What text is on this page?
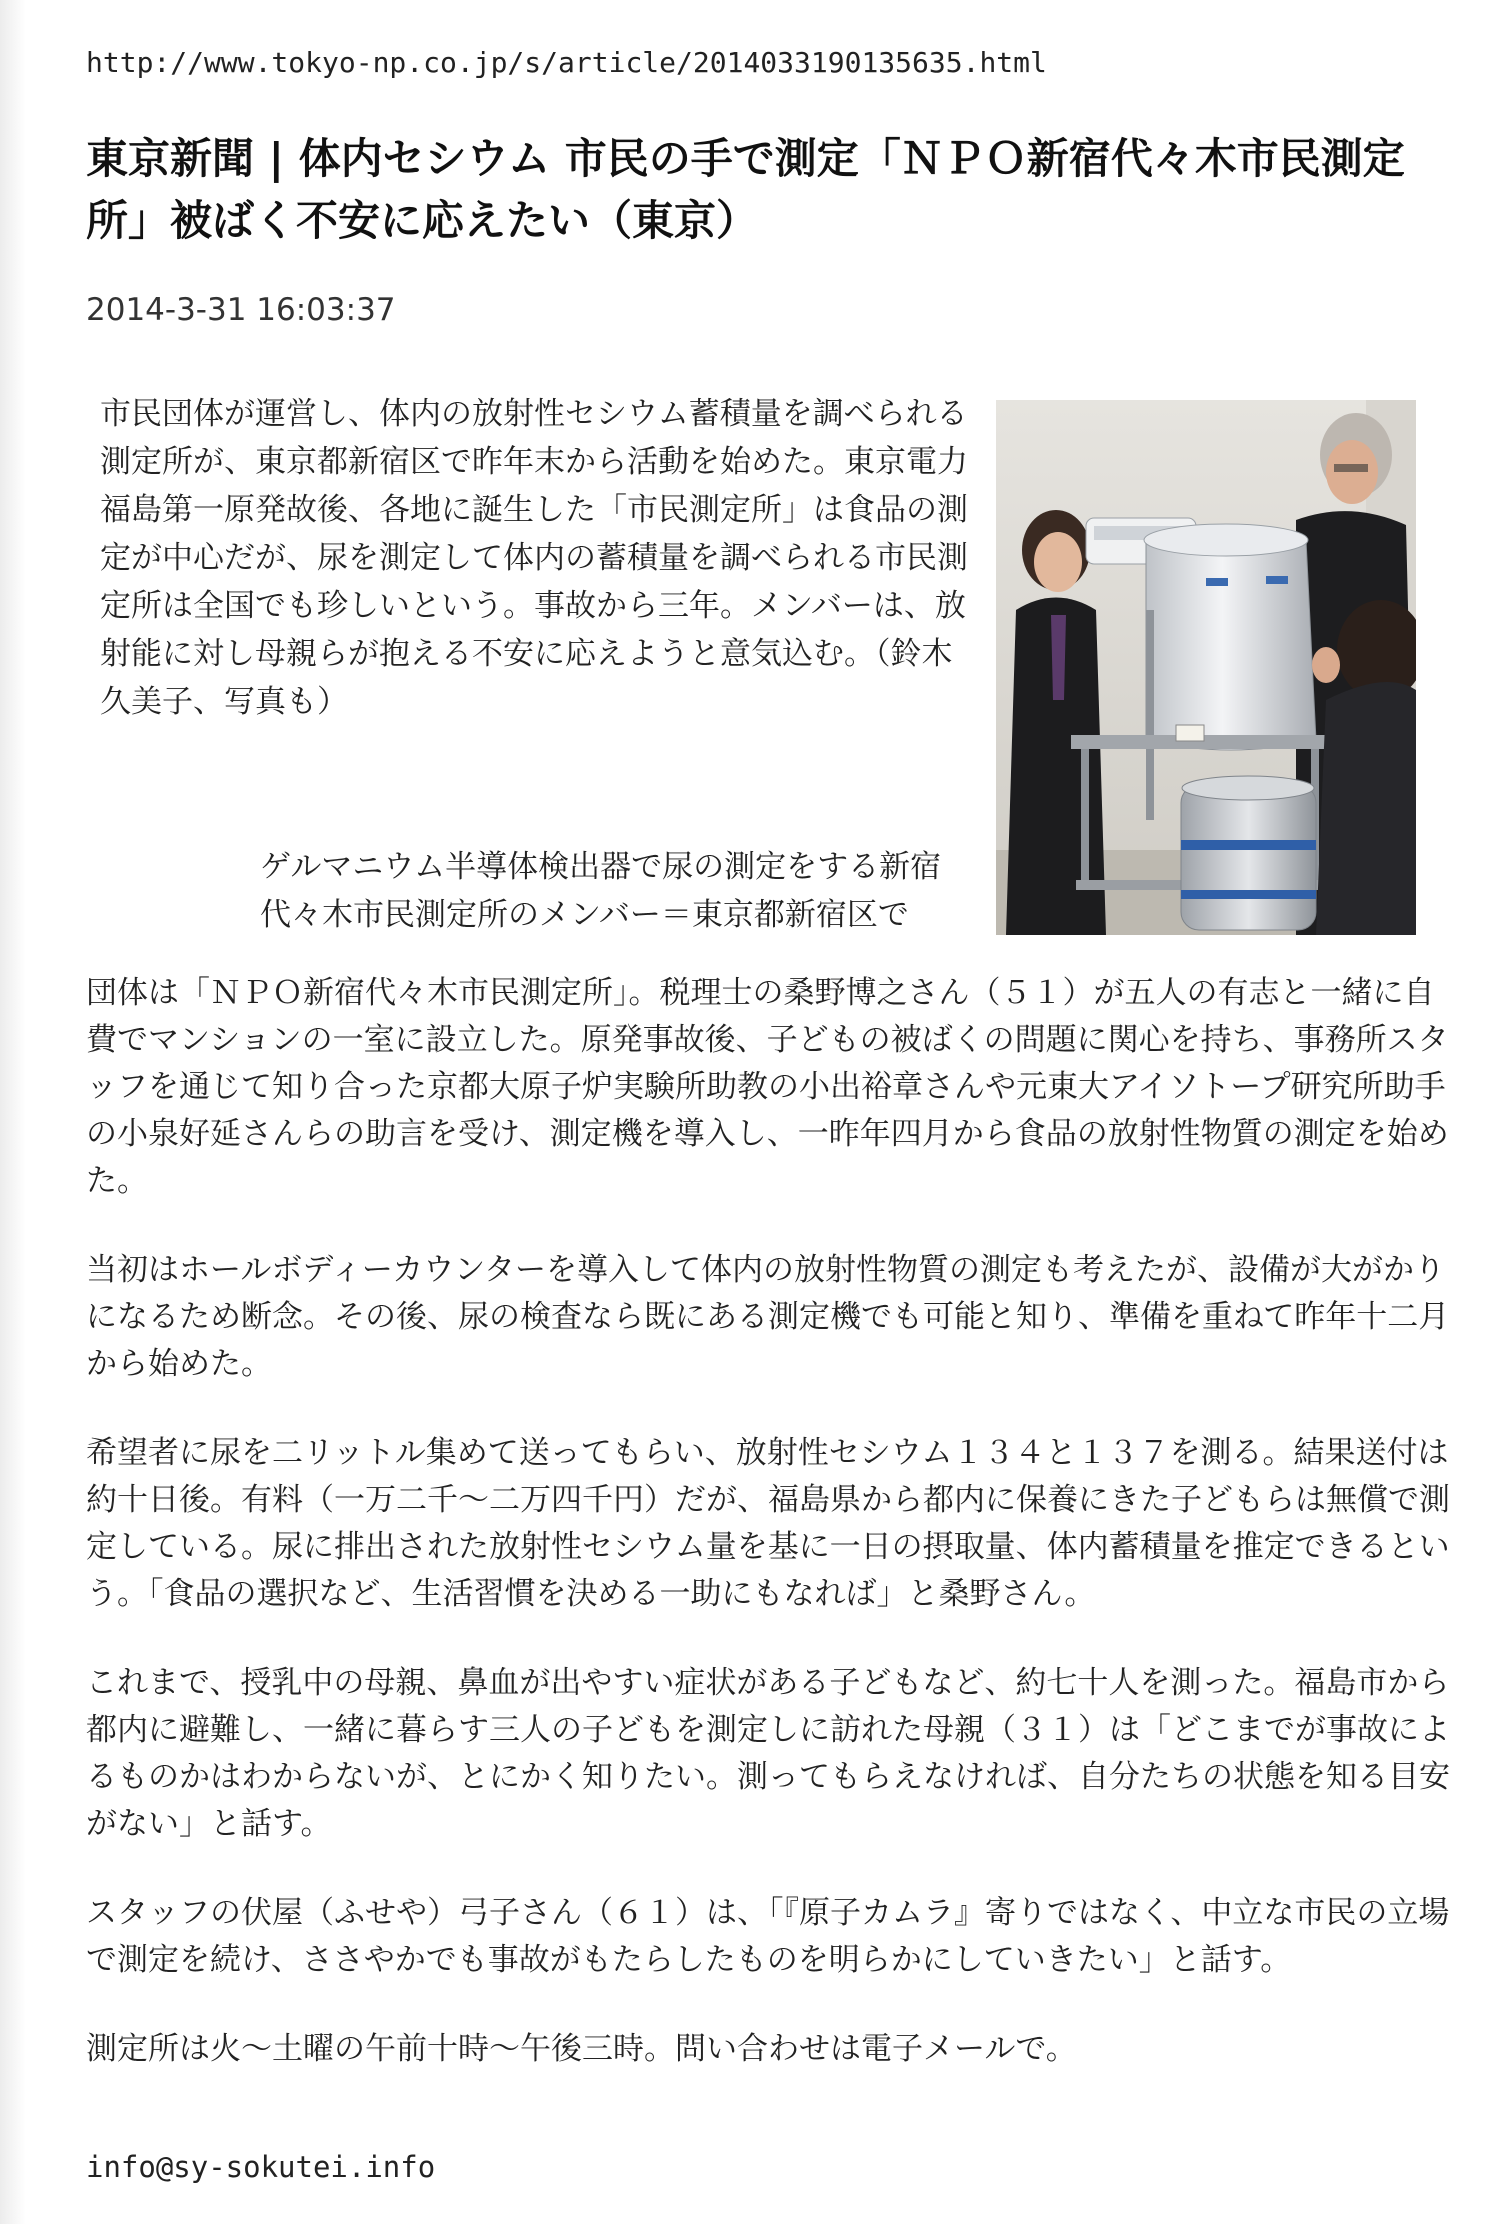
http://www.tokyo-np.co.jp/s/article/2014033190135635.html
東京新聞 | 体内セシウム 市民の手で測定「ＮＰＯ新宿代々木市民測定所」被ばく不安に応えたい（東京）
2014-3-31 16:03:37
市民団体が運営し、体内の放射性セシウム蓄積量を調べられる測定所が、東京都新宿区で昨年末から活動を始めた。東京電力福島第一原発故後、各地に誕生した「市民測定所」は食品の測定が中心だが、尿を測定して体内の蓄積量を調べられる市民測定所は全国でも珍しいという。事故から三年。メンバーは、放射能に対し母親らが抱える不安に応えようと意気込む。（鈴木久美子、写真も）
ゲルマニウム半導体検出器で尿の測定をする新宿代々木市民測定所のメンバー＝東京都新宿区で

団体は「ＮＰＯ新宿代々木市民測定所」。税理士の桑野博之さん（５１）が五人の有志と一緒に自費でマンションの一室に設立した。原発事故後、子どもの被ばくの問題に関心を持ち、事務所スタッフを通じて知り合った京都大原子炉実験所助教の小出裕章さんや元東大アイソトープ研究所助手の小泉好延さんらの助言を受け、測定機を導入し、一昨年四月から食品の放射性物質の測定を始めた。

当初はホールボディーカウンターを導入して体内の放射性物質の測定も考えたが、設備が大がかりになるため断念。その後、尿の検査なら既にある測定機でも可能と知り、準備を重ねて昨年十二月から始めた。

希望者に尿を二リットル集めて送ってもらい、放射性セシウム１３４と１３７を測る。結果送付は約十日後。有料（一万二千～二万四千円）だが、福島県から都内に保養にきた子どもらは無償で測定している。尿に排出された放射性セシウム量を基に一日の摂取量、体内蓄積量を推定できるという。「食品の選択など、生活習慣を決める一助にもなれば」と桑野さん。

これまで、授乳中の母親、鼻血が出やすい症状がある子どもなど、約七十人を測った。福島市から都内に避難し、一緒に暮らす三人の子どもを測定しに訪れた母親（３１）は「どこまでが事故によるものかはわからないが、とにかく知りたい。測ってもらえなければ、自分たちの状態を知る目安がない」と話す。

スタッフの伏屋（ふせや）弓子さん（６１）は、「『原子カムラ』寄りではなく、中立な市民の立場で測定を続け、ささやかでも事故がもたらしたものを明らかにしていきたい」と話す。

測定所は火～土曜の午前十時～午後三時。問い合わせは電子メールで。

info@sy-sokutei.info
